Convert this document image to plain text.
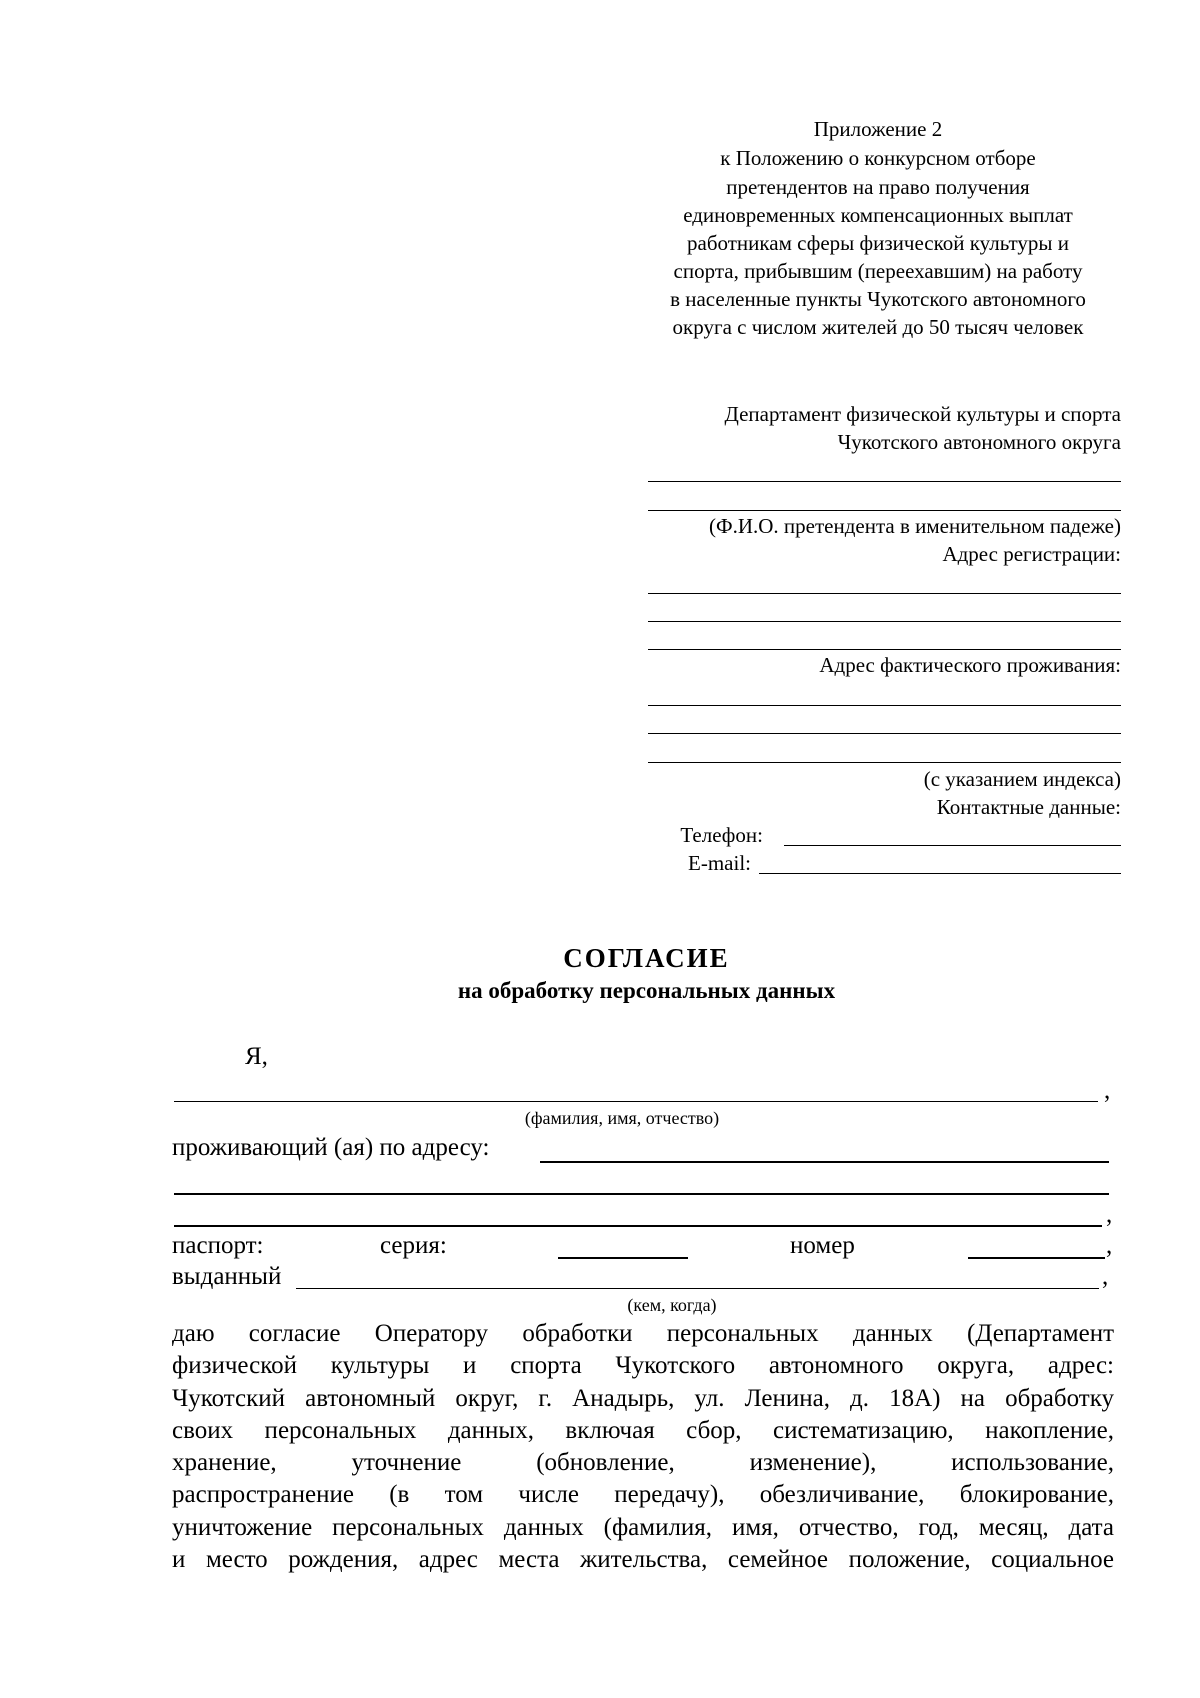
Приложение 2
к Положению о конкурсном отборе
претендентов на право получения
единовременных компенсационных выплат
работникам сферы физической культуры и
спорта, прибывшим (переехавшим) на работу
в населенные пункты Чукотского автономного
округа с числом жителей до 50 тысяч человек
Департамент физической культуры и спорта
Чукотского автономного округа
(Ф.И.О. претендента в именительном падеже)
Адрес регистрации:
Адрес фактического проживания:
(с указанием индекса)
Контактные данные:
Телефон:
E-mail:
СОГЛАСИЕ
на обработку персональных данных
Я,
,
(фамилия, имя, отчество)
проживающий (ая) по адресу:
,
паспорт:	серия:	номер	,
выданный	,
(кем, когда)
даю согласие Оператору обработки персональных данных (Департамент
физической культуры и спорта Чукотского автономного округа, адрес:
Чукотский автономный округ, г. Анадырь, ул. Ленина, д. 18А) на обработку
своих персональных данных, включая сбор, систематизацию, накопление,
хранение, уточнение (обновление, изменение), использование,
распространение (в том числе передачу), обезличивание, блокирование,
уничтожение персональных данных (фамилия, имя, отчество, год, месяц, дата
и место рождения, адрес места жительства, семейное положение, социальное
